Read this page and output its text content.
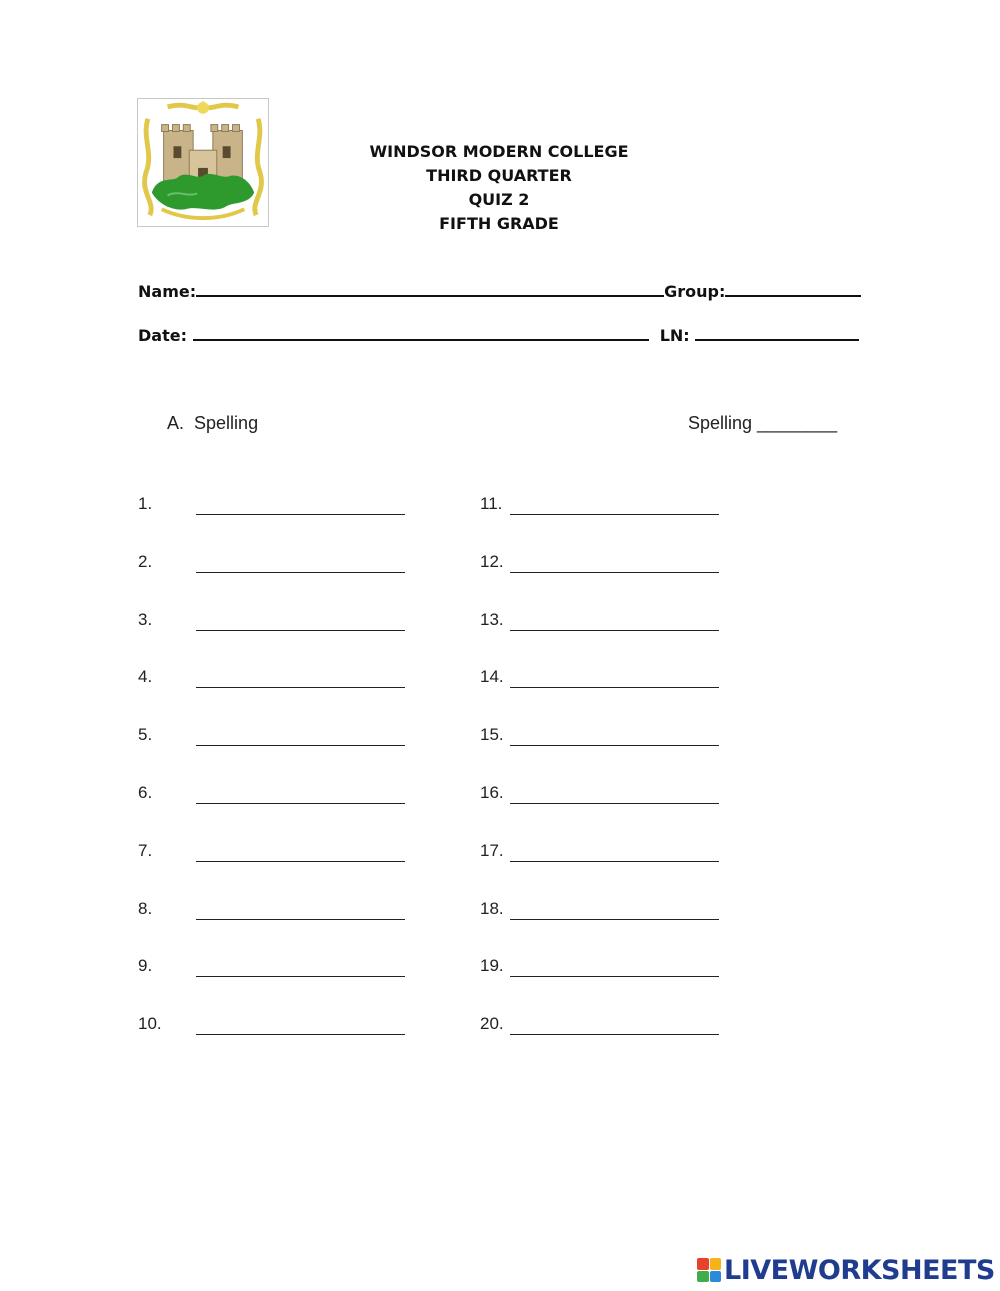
WINDSOR MODERN COLLEGE
THIRD QUARTER
QUIZ 2
FIFTH GRADE
Name:	Group:
Date:	LN:
A. Spelling	Spelling ________
1.	11.
2.	12.
3.	13.
4.	14.
5.	15.
6.	16.
7.	17.
8.	18.
9.	19.
10.	20.
LIVEWORKSHEETS
